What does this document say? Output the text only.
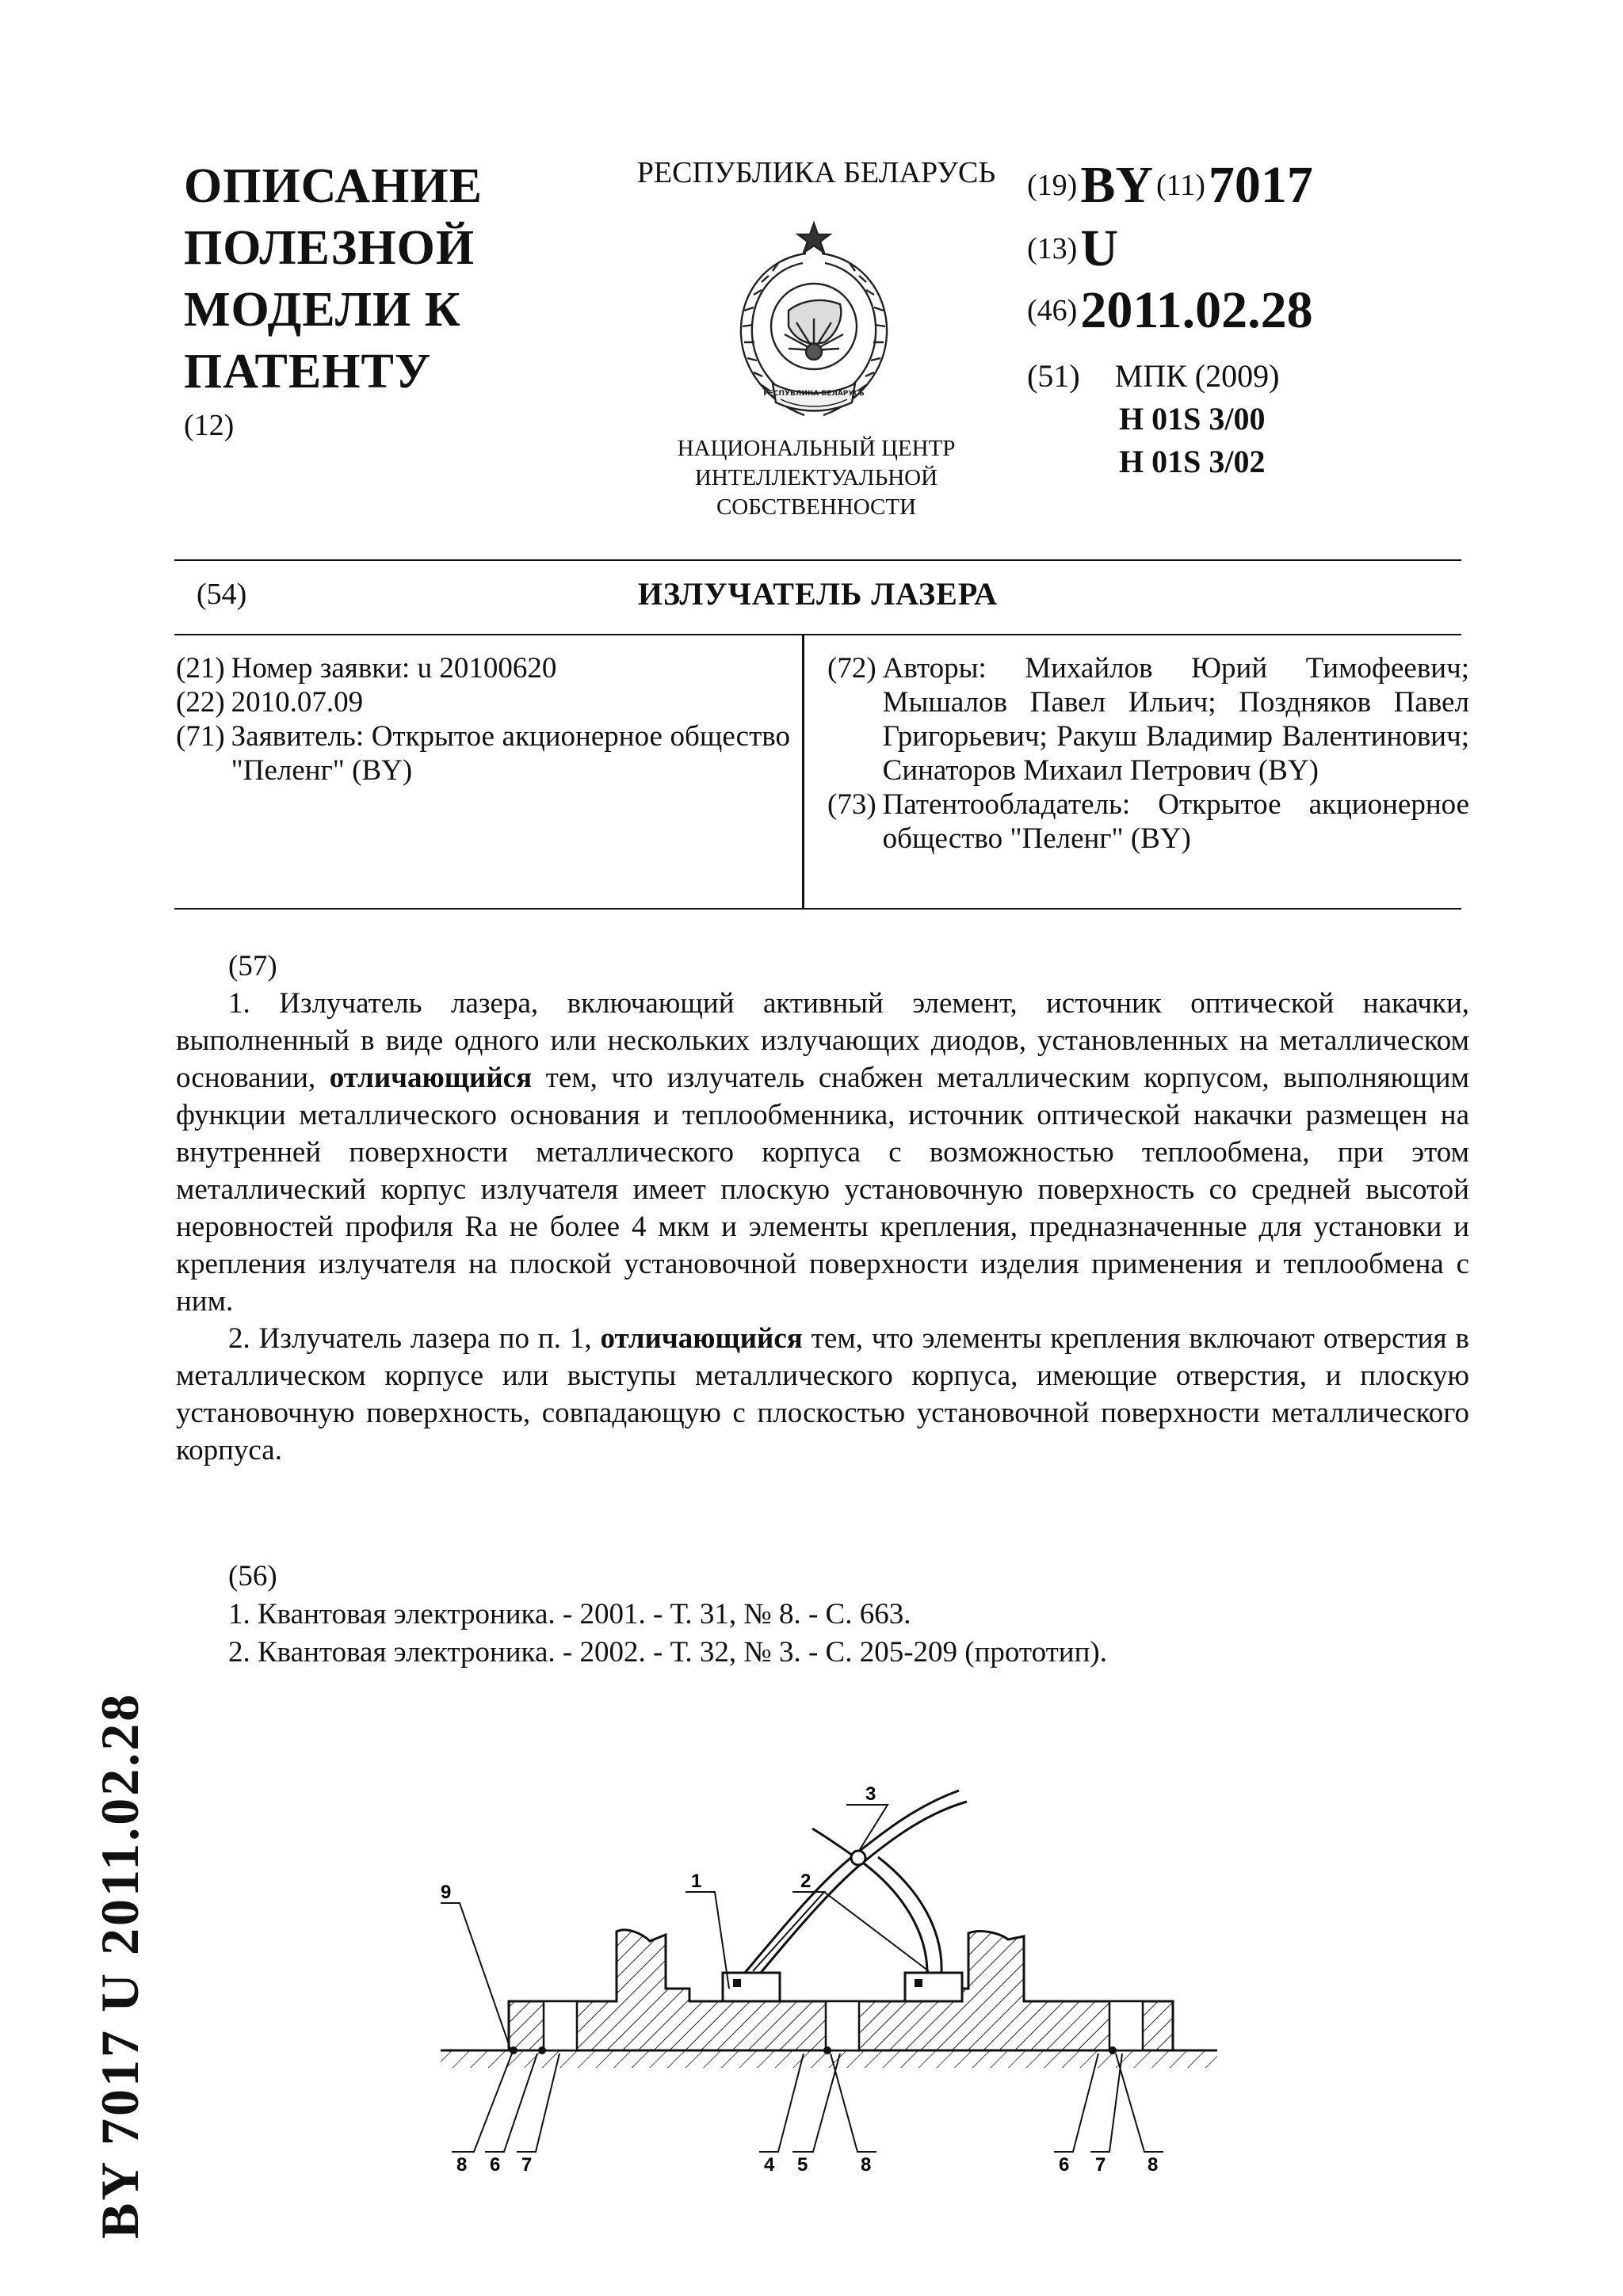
ОПИСАНИЕ
ПОЛЕЗНОЙ
МОДЕЛИ К
ПАТЕНТУ
(12)
РЕСПУБЛИКА БЕЛАРУСЬ
РЕСПУБЛИКА БЕЛАРУСЬ
НАЦИОНАЛЬНЫЙ ЦЕНТР
ИНТЕЛЛЕКТУАЛЬНОЙ
СОБСТВЕННОСТИ
(19) BY (11) 7017
(13) U
(46) 2011.02.28
(51) МПК (2009)
H 01S 3/00
H 01S 3/02
(54)	ИЗЛУЧАТЕЛЬ ЛАЗЕРА
(21) Номер заявки: u 20100620
(22) 2010.07.09
(71) Заявитель: Открытое акционерное общество "Пеленг" (BY)
(72) Авторы: Михайлов Юрий Тимофеевич; Мышалов Павел Ильич; Поздняков Павел Григорьевич; Ракуш Владимир Валентинович; Синаторов Михаил Петрович (BY)
(73) Патентообладатель: Открытое акционерное общество "Пеленг" (BY)

(57)

1. Излучатель лазера, включающий активный элемент, источник оптической накачки, выполненный в виде одного или нескольких излучающих диодов, установленных на металлическом основании, отличающийся тем, что излучатель снабжен металлическим корпусом, выполняющим функции металлического основания и теплообменника, источник оптической накачки размещен на внутренней поверхности металлического корпуса с возможностью теплообмена, при этом металлический корпус излучателя имеет плоскую установочную поверхность со средней высотой неровностей профиля Ra не более 4 мкм и элементы крепления, предназначенные для установки и крепления излучателя на плоской установочной поверхности изделия применения и теплообмена с ним.

2. Излучатель лазера по п. 1, отличающийся тем, что элементы крепления включают отверстия в металлическом корпусе или выступы металлического корпуса, имеющие отверстия, и плоскую установочную поверхность, совпадающую с плоскостью установочной поверхности металлического корпуса.

(56)
1. Квантовая электроника. - 2001. - Т. 31, № 8. - С. 663.
2. Квантовая электроника. - 2002. - Т. 32, № 3. - С. 205-209 (прототип).
BY 7017 U 2011.02.28	3
1	2
9
8 6 7	4 5	8	6 7 8
